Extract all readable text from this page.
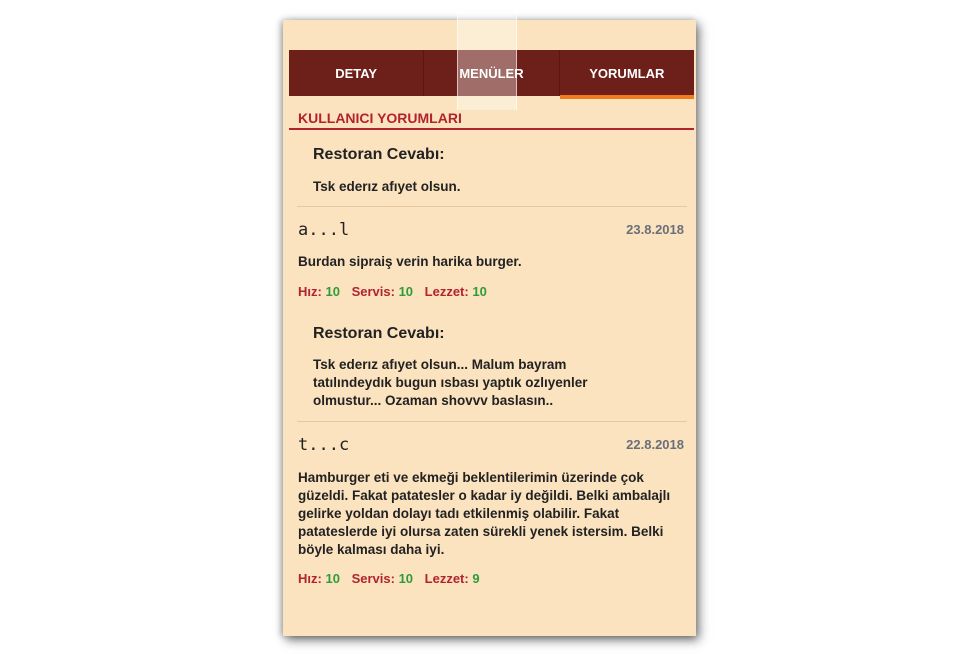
DETAY	MENÜLER	YORUMLAR
KULLANICI YORUMLARI
Restoran Cevabı:
Tsk ederız afıyet olsun.
a...l	23.8.2018
Burdan sipraiş verin harika burger.
Hız: 10 Servis: 10 Lezzet: 10
Restoran Cevabı:
Tsk ederız afıyet olsun... Malum bayram tatılındeydık bugun ısbası yaptık ozlıyenler olmustur... Ozaman shovvv baslasın..
t...c	22.8.2018
Hamburger eti ve ekmeği beklentilerimin üzerinde çok güzeldi. Fakat patatesler o kadar iy değildi. Belki ambalajlı gelirke yoldan dolayı tadı etkilenmiş olabilir. Fakat patateslerde iyi olursa zaten sürekli yenek istersim. Belki böyle kalması daha iyi.
Hız: 10 Servis: 10 Lezzet: 9
